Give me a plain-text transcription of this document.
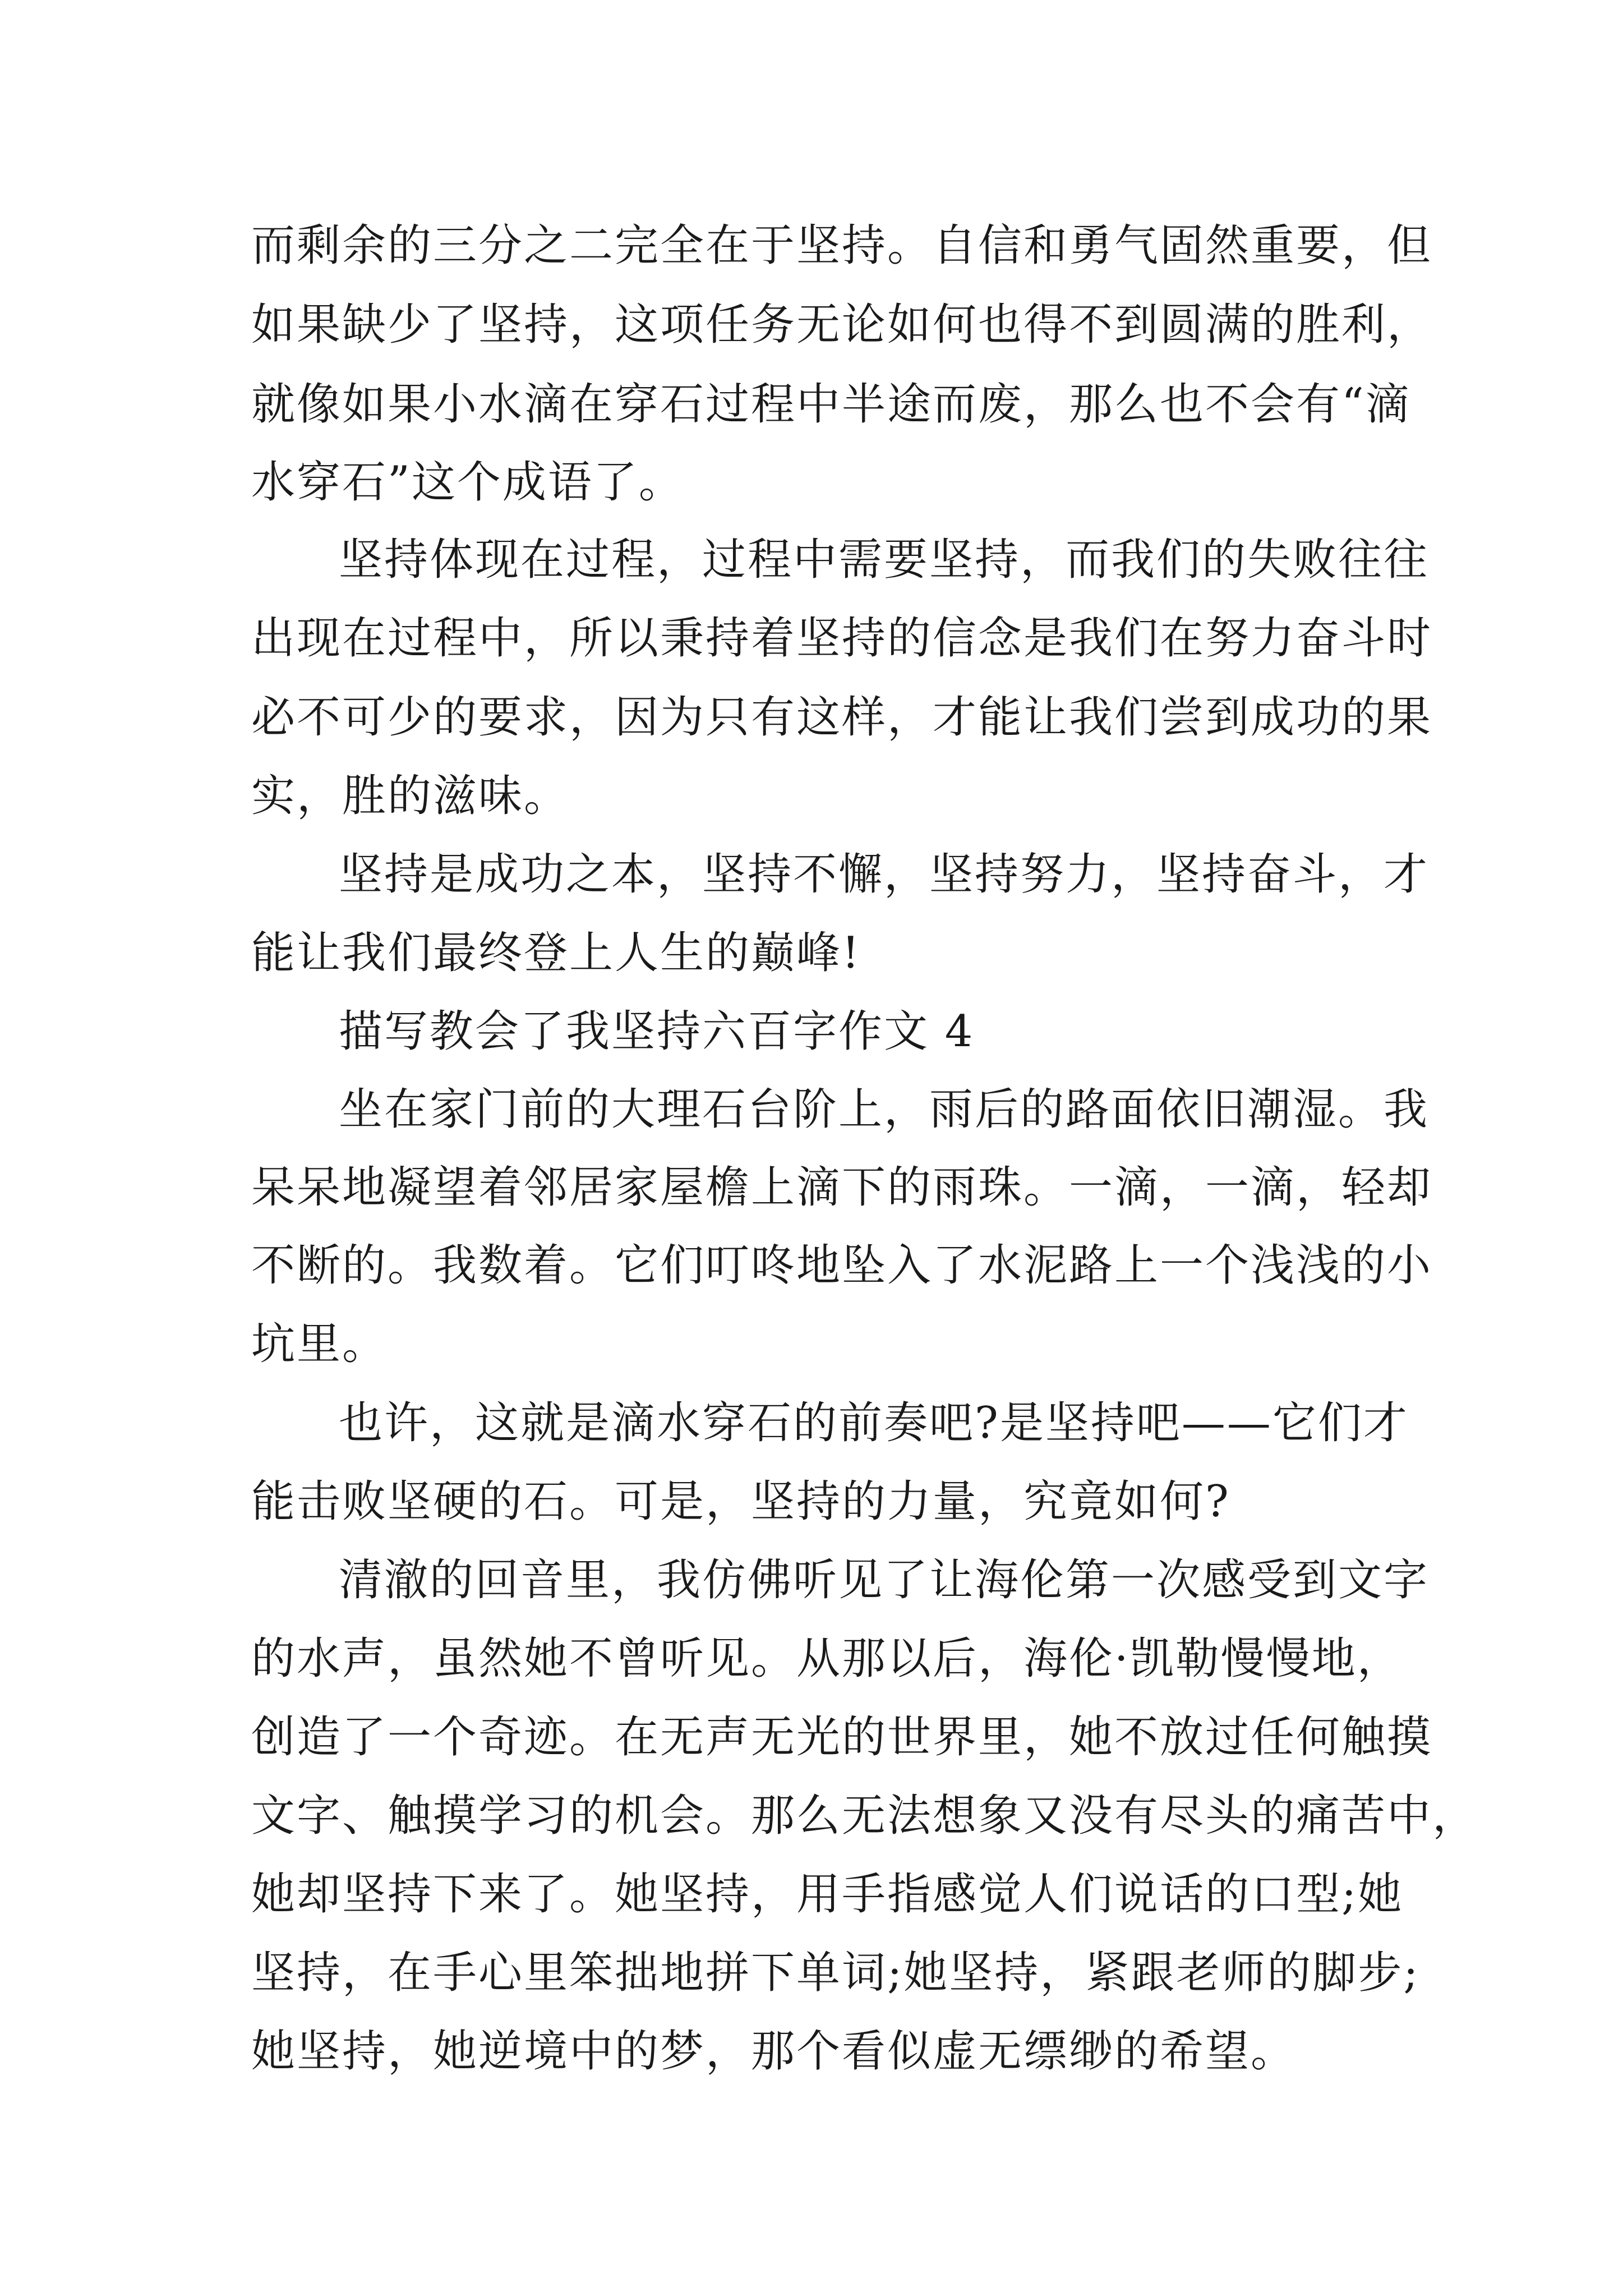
而剩余的三分之二完全在于坚持。自信和勇气固然重要，但
如果缺少了坚持，这项任务无论如何也得不到圆满的胜利，
就像如果小水滴在穿石过程中半途而废，那么也不会有“滴
水穿石”这个成语了。
坚持体现在过程，过程中需要坚持，而我们的失败往往
出现在过程中，所以秉持着坚持的信念是我们在努力奋斗时
必不可少的要求，因为只有这样，才能让我们尝到成功的果
实，胜的滋味。
坚持是成功之本，坚持不懈，坚持努力，坚持奋斗，才
能让我们最终登上人生的巅峰!
描写教会了我坚持六百字作文 4
坐在家门前的大理石台阶上，雨后的路面依旧潮湿。我
呆呆地凝望着邻居家屋檐上滴下的雨珠。一滴，一滴，轻却
不断的。我数着。它们叮咚地坠入了水泥路上一个浅浅的小
坑里。
也许，这就是滴水穿石的前奏吧?是坚持吧——它们才
能击败坚硬的石。可是，坚持的力量，究竟如何?
清澈的回音里，我仿佛听见了让海伦第一次感受到文字
的水声，虽然她不曾听见。从那以后，海伦·凯勒慢慢地，
创造了一个奇迹。在无声无光的世界里，她不放过任何触摸
文字、触摸学习的机会。那么无法想象又没有尽头的痛苦中，
她却坚持下来了。她坚持，用手指感觉人们说话的口型;她
坚持，在手心里笨拙地拼下单词;她坚持，紧跟老师的脚步;
她坚持，她逆境中的梦，那个看似虚无缥缈的希望。
